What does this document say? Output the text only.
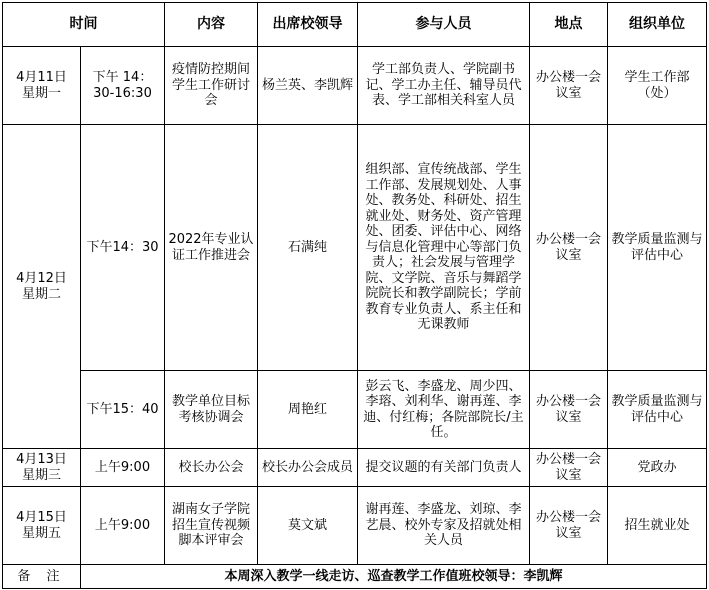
时间		内容	出席校领导	参与人员	地点	组织单位

4月11日
星期一	下午 14：30-16:30	疫情防控期间学生工作研讨会	杨兰英、李凯辉	学工部负责人、学院副书记、学工办主任、辅导员代表、学工部相关科室人员	办公楼一会议室	学生工作部（处）

4月12日
星期二	下午14：30	2022年专业认证工作推进会	石满纯	组织部、宣传统战部、学生工作部、发展规划处、人事处、教务处、科研处、招生就业处、财务处、资产管理处、团委、评估中心、网络与信息化管理中心等部门负责人；社会发展与管理学院、文学院、音乐与舞蹈学院院长和教学副院长；学前教育专业负责人、系主任和无课教师	办公楼一会议室	教学质量监测与评估中心
	下午15：40	教学单位目标考核协调会	周艳红	彭云飞、李盛龙、周少四、李瑢、刘利华、谢再莲、李迪、付红梅；各院部院长/主任。	办公楼一会议室	教学质量监测与评估中心

4月13日
星期三	上午9:00	校长办公会	校长办公会成员	提交议题的有关部门负责人	办公楼一会议室	党政办

4月15日
星期五	上午9:00	湖南女子学院招生宣传视频脚本评审会	莫文斌	谢再莲、李盛龙、刘琼、李艺晨、校外专家及招就处相关人员	办公楼一会议室	招生就业处
备 注	本周深入教学一线走访、巡查教学工作值班校领导：李凯辉					
